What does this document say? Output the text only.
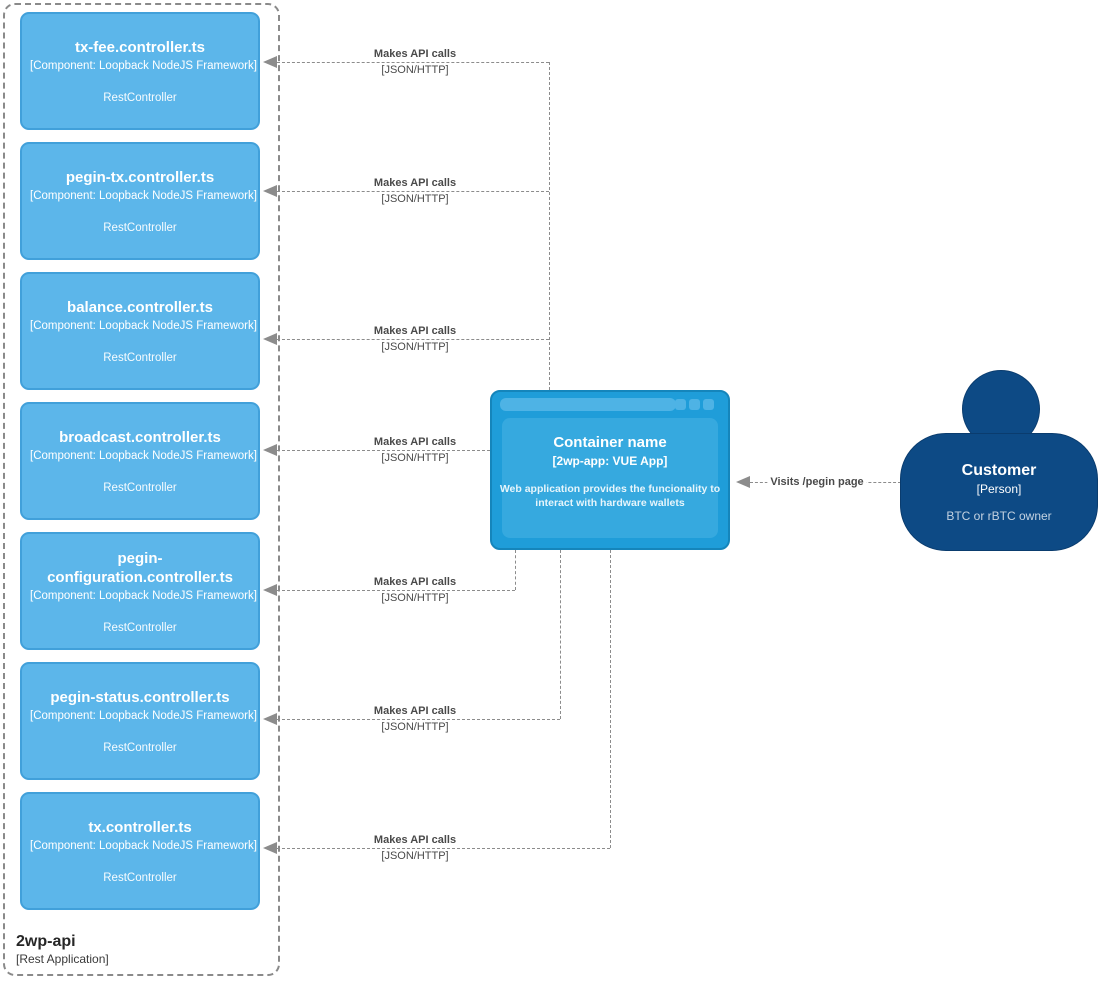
2wp-api
[Rest Application]
tx-fee.controller.ts
[Component: Loopback NodeJS Framework]
RestController
pegin-tx.controller.ts
[Component: Loopback NodeJS Framework]
RestController
balance.controller.ts
[Component: Loopback NodeJS Framework]
RestController
broadcast.controller.ts
[Component: Loopback NodeJS Framework]
RestController
pegin-configuration.controller.ts
[Component: Loopback NodeJS Framework]
RestController
pegin-status.controller.ts
[Component: Loopback NodeJS Framework]
RestController
tx.controller.ts
[Component: Loopback NodeJS Framework]
RestController
Makes API calls
[JSON/HTTP]
Makes API calls
[JSON/HTTP]
Makes API calls
[JSON/HTTP]
Makes API calls
[JSON/HTTP]
Makes API calls
[JSON/HTTP]
Makes API calls
[JSON/HTTP]
Makes API calls
[JSON/HTTP]
Visits /pegin page
Container name
[2wp-app: VUE App]
Web application provides the funcionality to interact with hardware wallets
Customer
[Person]
BTC or rBTC owner
